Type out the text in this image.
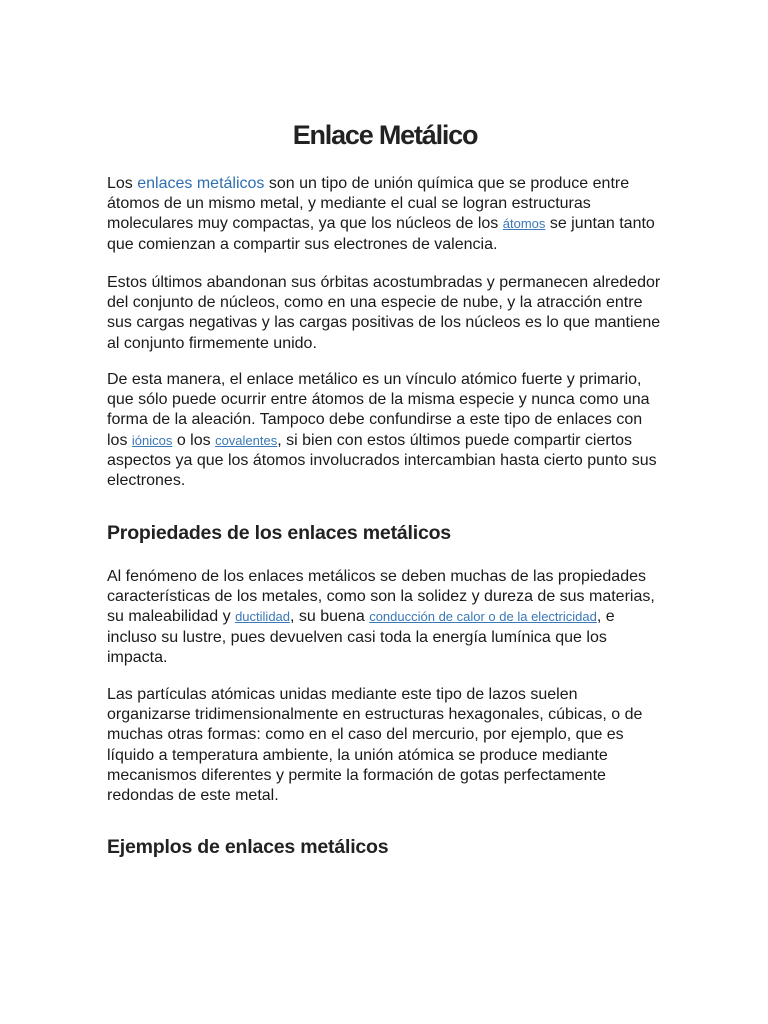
Enlace Metálico

Los enlaces metálicos son un tipo de unión química que se produce entre átomos de un mismo metal, y mediante el cual se logran estructuras moleculares muy compactas, ya que los núcleos de los átomos se juntan tanto que comienzan a compartir sus electrones de valencia.

Estos últimos abandonan sus órbitas acostumbradas y permanecen alrededor del conjunto de núcleos, como en una especie de nube, y la atracción entre sus cargas negativas y las cargas positivas de los núcleos es lo que mantiene al conjunto firmemente unido.

De esta manera, el enlace metálico es un vínculo atómico fuerte y primario, que sólo puede ocurrir entre átomos de la misma especie y nunca como una forma de la aleación. Tampoco debe confundirse a este tipo de enlaces con los iónicos o los covalentes, si bien con estos últimos puede compartir ciertos aspectos ya que los átomos involucrados intercambian hasta cierto punto sus electrones.

Propiedades de los enlaces metálicos

Al fenómeno de los enlaces metálicos se deben muchas de las propiedades características de los metales, como son la solidez y dureza de sus materias, su maleabilidad y ductilidad, su buena conducción de calor o de la electricidad, e incluso su lustre, pues devuelven casi toda la energía lumínica que los impacta.

Las partículas atómicas unidas mediante este tipo de lazos suelen organizarse tridimensionalmente en estructuras hexagonales, cúbicas, o de muchas otras formas: como en el caso del mercurio, por ejemplo, que es líquido a temperatura ambiente, la unión atómica se produce mediante mecanismos diferentes y permite la formación de gotas perfectamente redondas de este metal.

Ejemplos de enlaces metálicos
